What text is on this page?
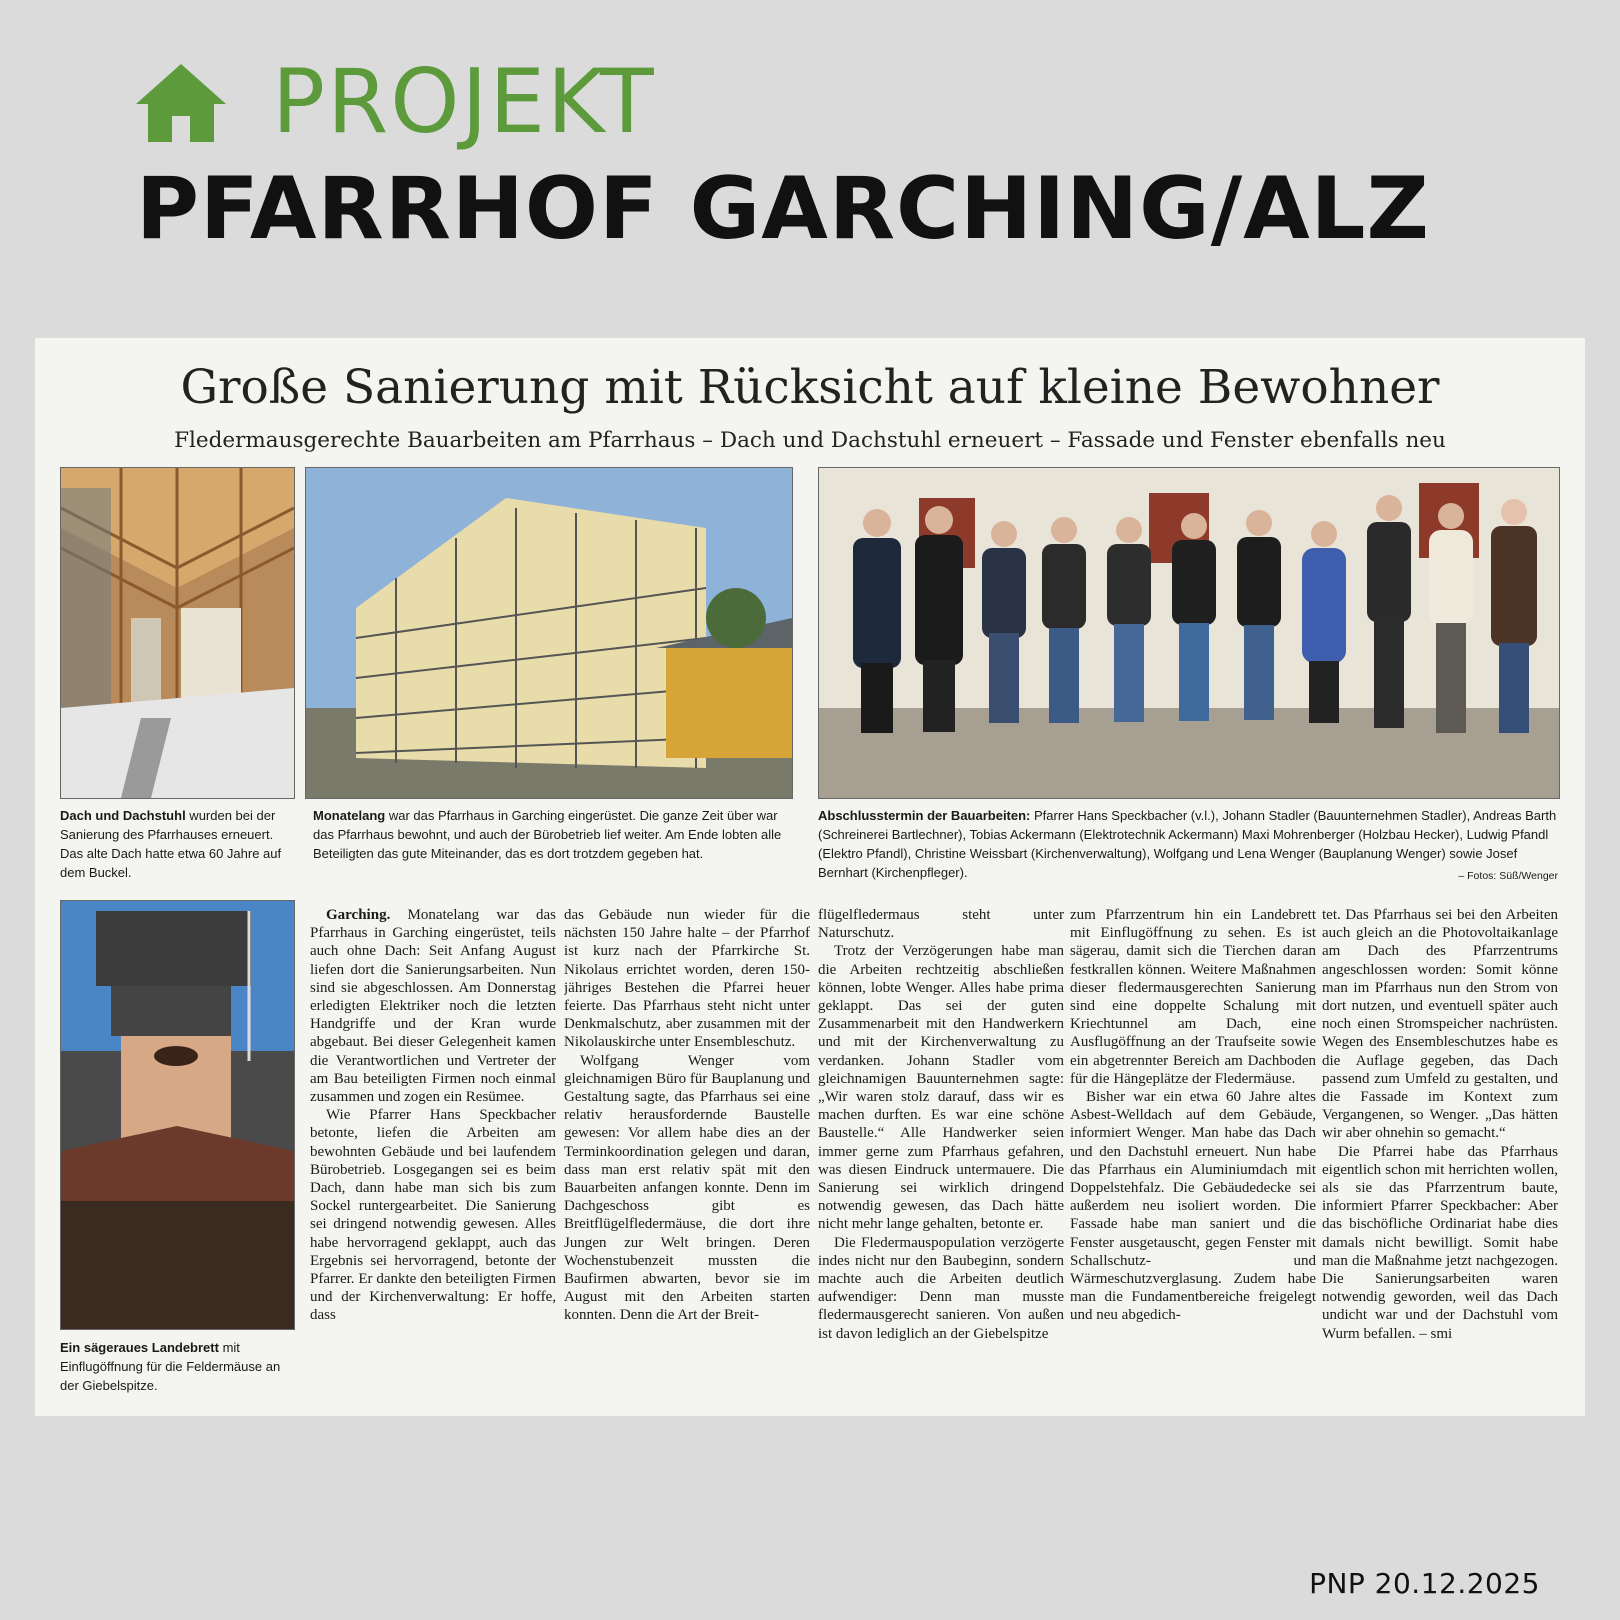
PROJEKT
PFARRHOF GARCHING/ALZ
Große Sanierung mit Rücksicht auf kleine Bewohner
Fledermausgerechte Bauarbeiten am Pfarrhaus – Dach und Dachstuhl erneuert – Fassade und Fenster ebenfalls neu
Dach und Dachstuhl wurden bei der Sanierung des Pfarrhauses erneuert. Das alte Dach hatte etwa 60 Jahre auf dem Buckel.
Monatelang war das Pfarrhaus in Garching eingerüstet. Die ganze Zeit über war das Pfarrhaus bewohnt, und auch der Bürobetrieb lief weiter. Am Ende lobten alle Beteiligten das gute Miteinander, das es dort trotzdem gegeben hat.
Abschlusstermin der Bauarbeiten: Pfarrer Hans Speckbacher (v.l.), Johann Stadler (Bauunternehmen Stadler), Andreas Barth (Schreinerei Bartlechner), Tobias Ackermann (Elektrotechnik Ackermann) Maxi Mohrenberger (Holzbau Hecker), Ludwig Pfandl (Elektro Pfandl), Christine Weissbart (Kirchenverwaltung), Wolfgang und Lena Wenger (Bauplanung Wenger) sowie Josef Bernhart (Kirchenpfleger).	– Fotos: Süß/Wenger
Ein sägeraues Landebrett mit Einflugöffnung für die Feldermäuse an der Giebelspitze.

Garching. Monatelang war das Pfarrhaus in Garching eingerüstet, teils auch ohne Dach: Seit Anfang August liefen dort die Sanierungsarbeiten. Nun sind sie abgeschlossen. Am Donnerstag erledigten Elektriker noch die letzten Handgriffe und der Kran wurde abgebaut. Bei dieser Gelegenheit kamen die Verantwortlichen und Vertreter der am Bau beteiligten Firmen noch einmal zusammen und zogen ein Resümee.

Wie Pfarrer Hans Speckbacher betonte, liefen die Arbeiten am bewohnten Gebäude und bei laufendem Bürobetrieb. Losgegangen sei es beim Dach, dann habe man sich bis zum Sockel runtergearbeitet. Die Sanierung sei dringend notwendig gewesen. Alles habe hervorragend geklappt, auch das Ergebnis sei hervorragend, betonte der Pfarrer. Er dankte den beteiligten Firmen und der Kirchenverwaltung: Er hoffe, dass

das Gebäude nun wieder für die nächsten 150 Jahre halte – der Pfarrhof ist kurz nach der Pfarrkirche St. Nikolaus errichtet worden, deren 150-jähriges Bestehen die Pfarrei heuer feierte. Das Pfarrhaus steht nicht unter Denkmalschutz, aber zusammen mit der Nikolauskirche unter Ensembleschutz.

Wolfgang Wenger vom gleichnamigen Büro für Bauplanung und Gestaltung sagte, das Pfarrhaus sei eine relativ herausfordernde Baustelle gewesen: Vor allem habe dies an der Terminkoordination gelegen und daran, dass man erst relativ spät mit den Bauarbeiten anfangen konnte. Denn im Dachgeschoss gibt es Breitflügelfledermäuse, die dort ihre Jungen zur Welt bringen. Deren Wochenstubenzeit mussten die Baufirmen abwarten, bevor sie im August mit den Arbeiten starten konnten. Denn die Art der Breit-

flügelfledermaus steht unter Naturschutz.

Trotz der Verzögerungen habe man die Arbeiten rechtzeitig abschließen können, lobte Wenger. Alles habe prima geklappt. Das sei der guten Zusammenarbeit mit den Handwerkern und mit der Kirchenverwaltung zu verdanken. Johann Stadler vom gleichnamigen Bauunternehmen sagte: „Wir waren stolz darauf, dass wir es machen durften. Es war eine schöne Baustelle.“ Alle Handwerker seien immer gerne zum Pfarrhaus gefahren, was diesen Eindruck untermauere. Die Sanierung sei wirklich dringend notwendig gewesen, das Dach hätte nicht mehr lange gehalten, betonte er.

Die Fledermauspopulation verzögerte indes nicht nur den Baubeginn, sondern machte auch die Arbeiten deutlich aufwendiger: Denn man musste fledermausgerecht sanieren. Von außen ist davon lediglich an der Giebelspitze

zum Pfarrzentrum hin ein Landebrett mit Einflugöffnung zu sehen. Es ist sägerau, damit sich die Tierchen daran festkrallen können. Weitere Maßnahmen dieser fledermausgerechten Sanierung sind eine doppelte Schalung mit Kriechtunnel am Dach, eine Ausflugöffnung an der Traufseite sowie ein abgetrennter Bereich am Dachboden für die Hängeplätze der Fledermäuse.

Bisher war ein etwa 60 Jahre altes Asbest-Welldach auf dem Gebäude, informiert Wenger. Man habe das Dach und den Dachstuhl erneuert. Nun habe das Pfarrhaus ein Aluminiumdach mit Doppelstehfalz. Die Gebäudedecke sei außerdem neu isoliert worden. Die Fassade habe man saniert und die Fenster ausgetauscht, gegen Fenster mit Schallschutz- und Wärmeschutzverglasung. Zudem habe man die Fundamentbereiche freigelegt und neu abgedich-

tet. Das Pfarrhaus sei bei den Arbeiten auch gleich an die Photovoltaikanlage am Dach des Pfarrzentrums angeschlossen worden: Somit könne man im Pfarrhaus nun den Strom von dort nutzen, und eventuell später auch noch einen Stromspeicher nachrüsten. Wegen des Ensembleschutzes habe es die Auflage gegeben, das Dach passend zum Umfeld zu gestalten, und die Fassade im Kontext zum Vergangenen, so Wenger. „Das hätten wir aber ohnehin so gemacht.“

Die Pfarrei habe das Pfarrhaus eigentlich schon mit herrichten wollen, als sie das Pfarrzentrum baute, informiert Pfarrer Speckbacher: Aber das bischöfliche Ordinariat habe dies damals nicht bewilligt. Somit habe man die Maßnahme jetzt nachgezogen. Die Sanierungsarbeiten waren notwendig geworden, weil das Dach undicht war und der Dachstuhl vom Wurm befallen. – smi

PNP 20.12.2025
